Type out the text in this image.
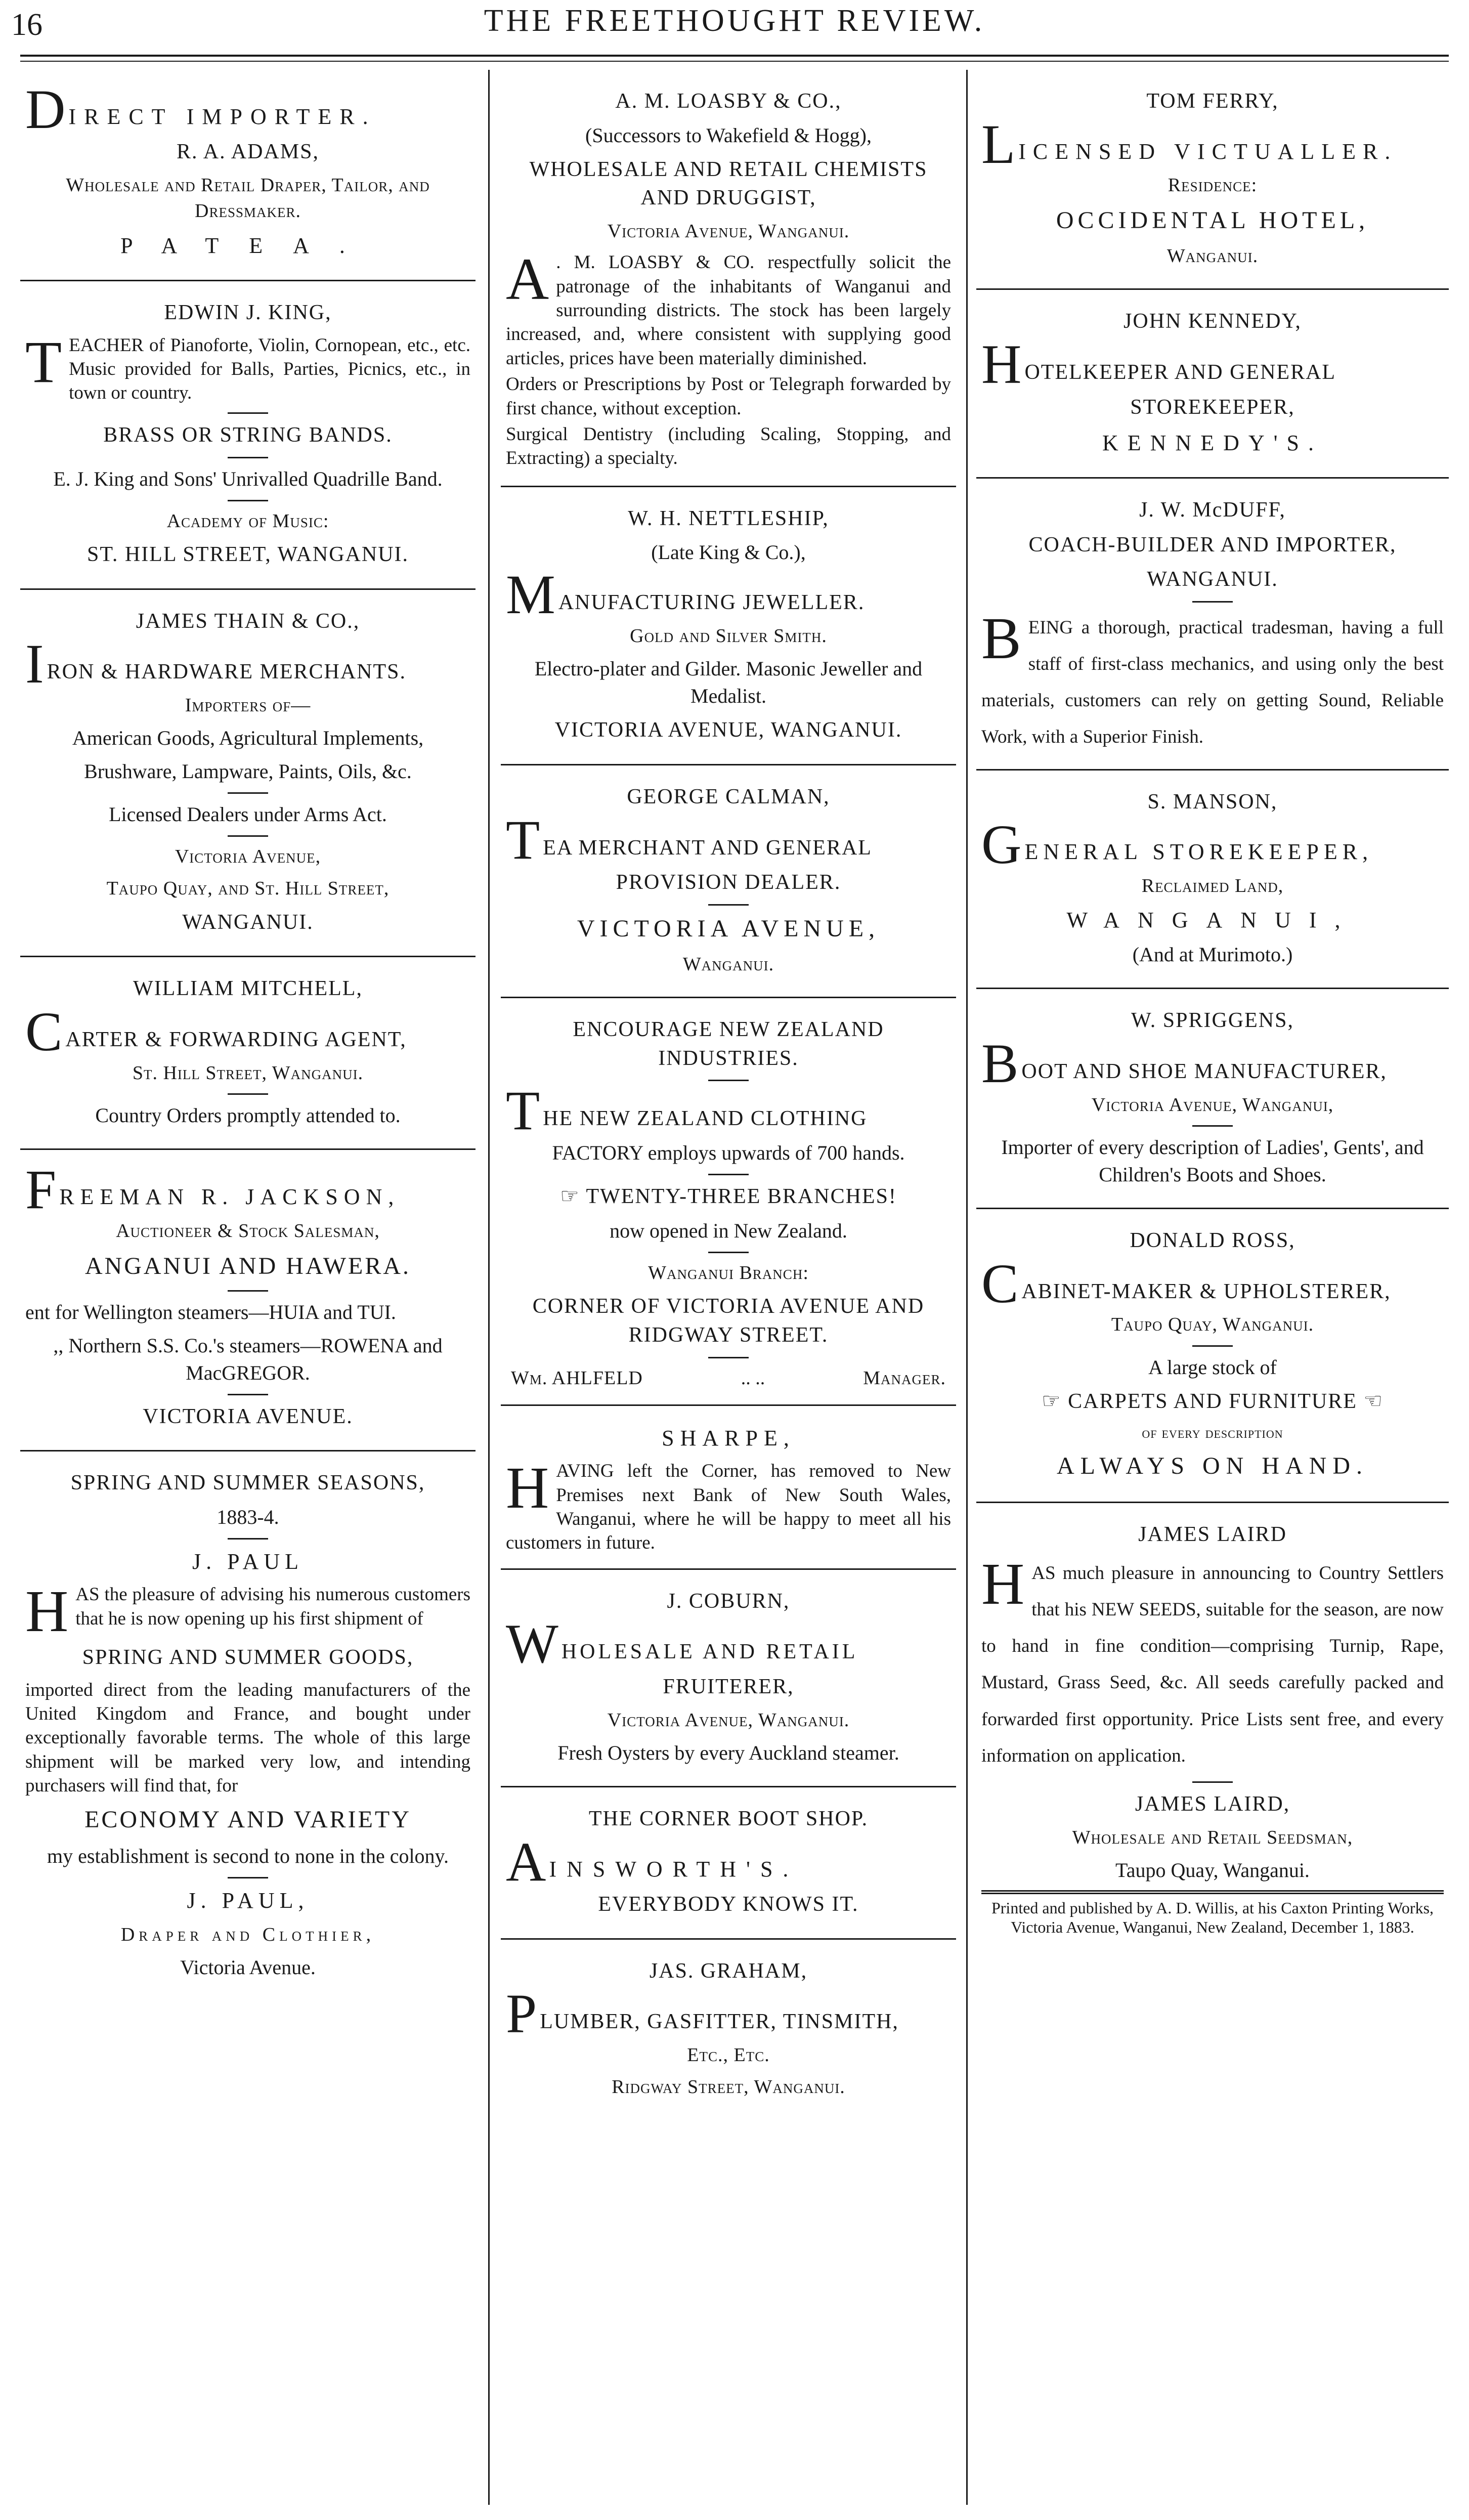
16	THE FREETHOUGHT REVIEW.

DIRECT IMPORTER.

R. A. ADAMS,

Wholesale and Retail Draper, Tailor, and Dressmaker.

PATEA.

EDWIN J. KING,

TEACHER of Pianoforte, Violin, Cornopean, etc., etc. Music provided for Balls, Parties, Picnics, etc., in town or country.

BRASS OR STRING BANDS.

E. J. King and Sons' Unrivalled Quadrille Band.

Academy of Music:

ST. HILL STREET, WANGANUI.

JAMES THAIN & CO.,

IRON & HARDWARE MERCHANTS.

Importers of—

American Goods, Agricultural Implements,

Brushware, Lampware, Paints, Oils, &c.

Licensed Dealers under Arms Act.

Victoria Avenue,

Taupo Quay, and St. Hill Street,

WANGANUI.

WILLIAM MITCHELL,

CARTER & FORWARDING AGENT,

St. Hill Street, Wanganui.

Country Orders promptly attended to.

FREEMAN R. JACKSON,

Auctioneer & Stock Salesman,

ANGANUI AND HAWERA.

ent for Wellington steamers—HUIA and TUI.

,, Northern S.S. Co.'s steamers—ROWENA and MacGREGOR.

VICTORIA AVENUE.

SPRING AND SUMMER SEASONS,

1883-4.

J. PAUL

HAS the pleasure of advising his numerous customers that he is now opening up his first shipment of

SPRING AND SUMMER GOODS,

imported direct from the leading manufacturers of the United Kingdom and France, and bought under exceptionally favorable terms. The whole of this large shipment will be marked very low, and intending purchasers will find that, for

ECONOMY AND VARIETY

my establishment is second to none in the colony.

J. PAUL,

Draper and Clothier,

Victoria Avenue.

A. M. LOASBY & CO.,

(Successors to Wakefield & Hogg),

WHOLESALE AND RETAIL CHEMISTS AND DRUGGIST,

Victoria Avenue, Wanganui.

A . M. LOASBY & CO. respectfully solicit the patronage of the inhabitants of Wanganui and surrounding districts. The stock has been largely increased, and, where consistent with supplying good articles, prices have been materially diminished.

Orders or Prescriptions by Post or Telegraph forwarded by first chance, without exception.

Surgical Dentistry (including Scaling, Stopping, and Extracting) a specialty.

W. H. NETTLESHIP,

(Late King & Co.),

MANUFACTURING JEWELLER.

Gold and Silver Smith.

Electro-plater and Gilder. Masonic Jeweller and Medalist.

VICTORIA AVENUE, WANGANUI.

GEORGE CALMAN,

TEA MERCHANT AND GENERAL

PROVISION DEALER.

VICTORIA AVENUE,

Wanganui.

ENCOURAGE NEW ZEALAND INDUSTRIES.

THE NEW ZEALAND CLOTHING

FACTORY employs upwards of 700 hands.

☞ TWENTY-THREE BRANCHES!

now opened in New Zealand.

Wanganui Branch:

CORNER OF VICTORIA AVENUE AND RIDGWAY STREET.

Wm. AHLFELD	.. ..	Manager.

SHARPE,

HAVING left the Corner, has removed to New Premises next Bank of New South Wales, Wanganui, where he will be happy to meet all his customers in future.

J. COBURN,

WHOLESALE AND RETAIL

FRUITERER,

Victoria Avenue, Wanganui.

Fresh Oysters by every Auckland steamer.

THE CORNER BOOT SHOP.

AINSWORTH'S.

EVERYBODY KNOWS IT.

JAS. GRAHAM,

PLUMBER, GASFITTER, TINSMITH,

Etc., Etc.

Ridgway Street, Wanganui.

TOM FERRY,

LICENSED VICTUALLER.

Residence:

OCCIDENTAL HOTEL,

Wanganui.

JOHN KENNEDY,

HOTELKEEPER AND GENERAL

STOREKEEPER,

KENNEDY'S.

J. W. McDUFF,

COACH-BUILDER AND IMPORTER,

WANGANUI.

BEING a thorough, practical tradesman, having a full staff of first-class mechanics, and using only the best materials, customers can rely on getting Sound, Reliable Work, with a Superior Finish.

S. MANSON,

GENERAL STOREKEEPER,

Reclaimed Land,

WANGANUI,

(And at Murimoto.)

W. SPRIGGENS,

BOOT AND SHOE MANUFACTURER,

Victoria Avenue, Wanganui,

Importer of every description of Ladies', Gents', and Children's Boots and Shoes.

DONALD ROSS,

CABINET-MAKER & UPHOLSTERER,

Taupo Quay, Wanganui.

A large stock of

☞ CARPETS AND FURNITURE ☜

of every description

ALWAYS ON HAND.

JAMES LAIRD

HAS much pleasure in announcing to Country Settlers that his NEW SEEDS, suitable for the season, are now to hand in fine condition—comprising Turnip, Rape, Mustard, Grass Seed, &c. All seeds carefully packed and forwarded first opportunity. Price Lists sent free, and every information on application.

JAMES LAIRD,

Wholesale and Retail Seedsman,

Taupo Quay, Wanganui.

Printed and published by A. D. Willis, at his Caxton Printing Works, Victoria Avenue, Wanganui, New Zealand, December 1, 1883.
